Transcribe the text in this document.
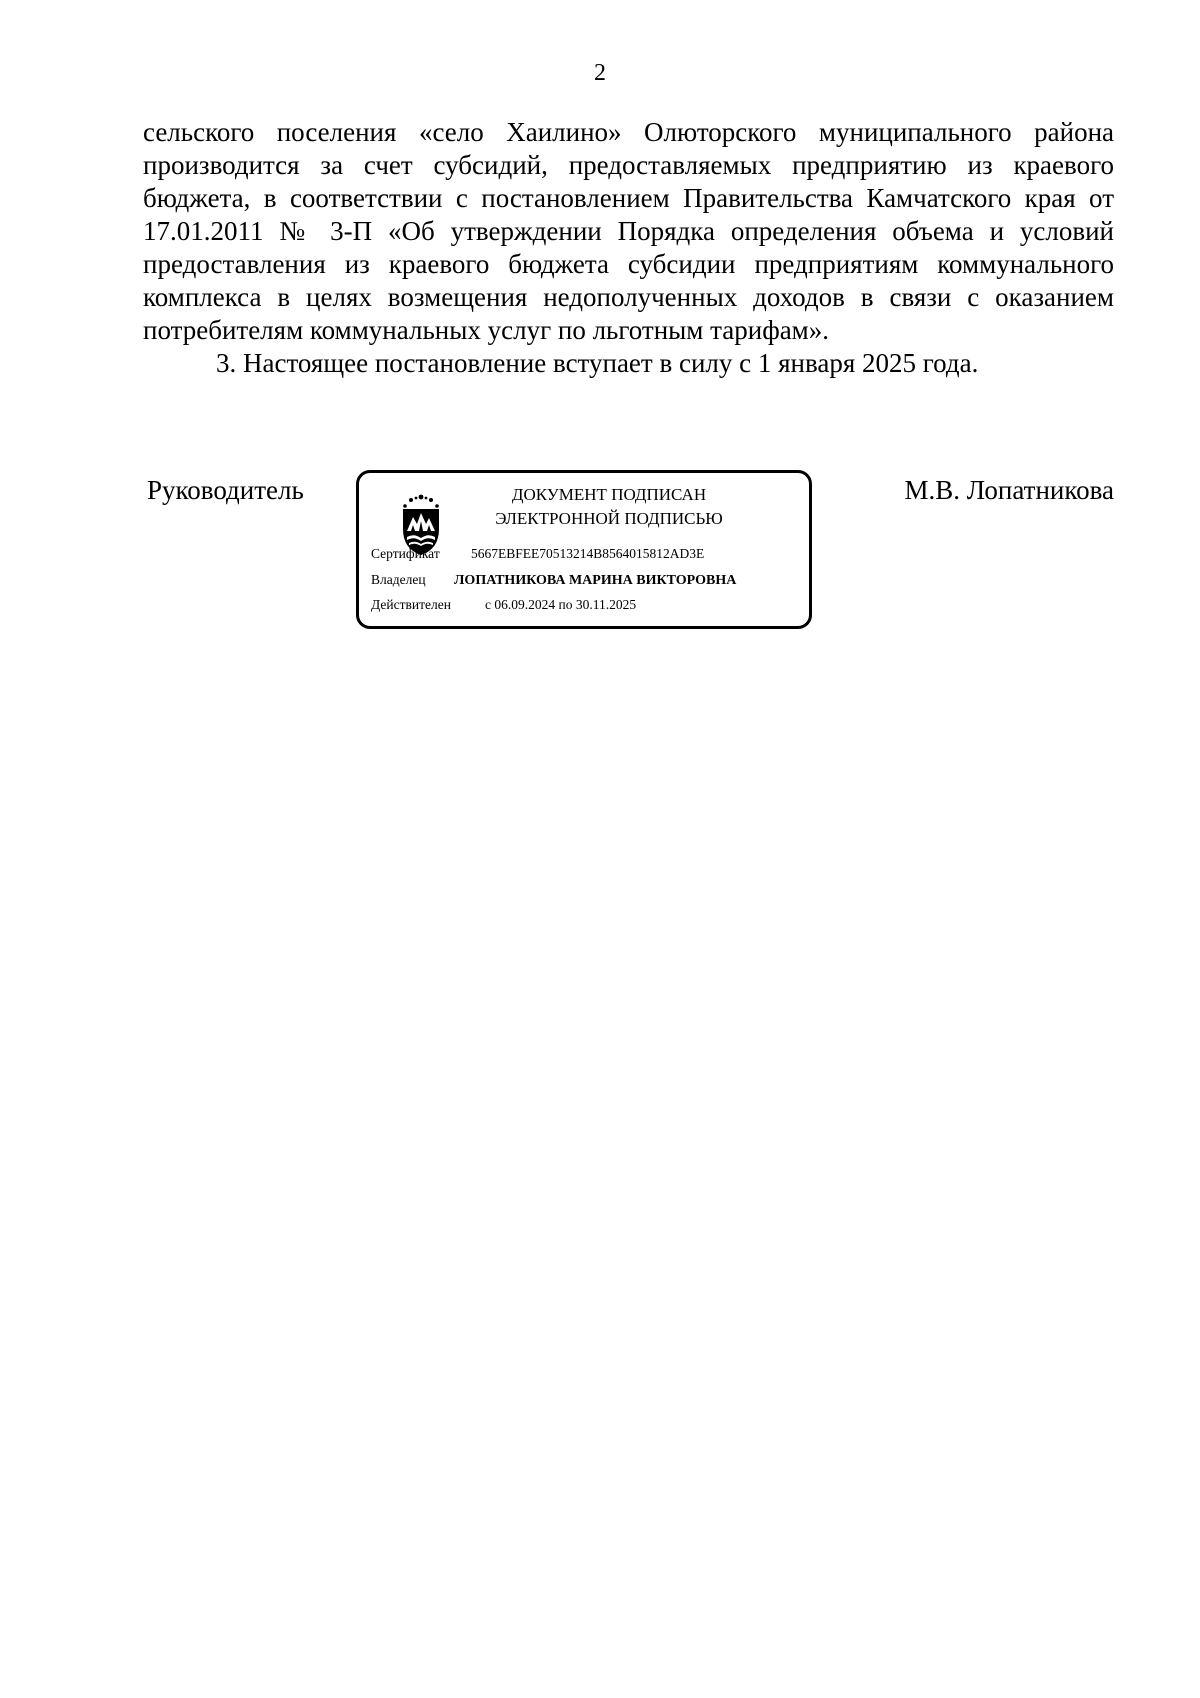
2

сельского поселения «село Хаилино» Олюторского муниципального района производится за счет субсидий, предоставляемых предприятию из краевого бюджета, в соответствии с постановлением Правительства Камчатского края от 17.01.2011 № 3-П «Об утверждении Порядка определения объема и условий предоставления из краевого бюджета субсидии предприятиям коммунального комплекса в целях возмещения недополученных доходов в связи с оказанием потребителям коммунальных услуг по льготным тарифам».

3. Настоящее постановление вступает в силу с 1 января 2025 года.

Руководитель	М.В. Лопатникова
ДОКУМЕНТ ПОДПИСАН
ЭЛЕКТРОННОЙ ПОДПИСЬЮ
Сертификат 5667EBFEE70513214B8564015812AD3E
Владелец ЛОПАТНИКОВА МАРИНА ВИКТОРОВНА
Действителен	с 06.09.2024 по 30.11.2025
